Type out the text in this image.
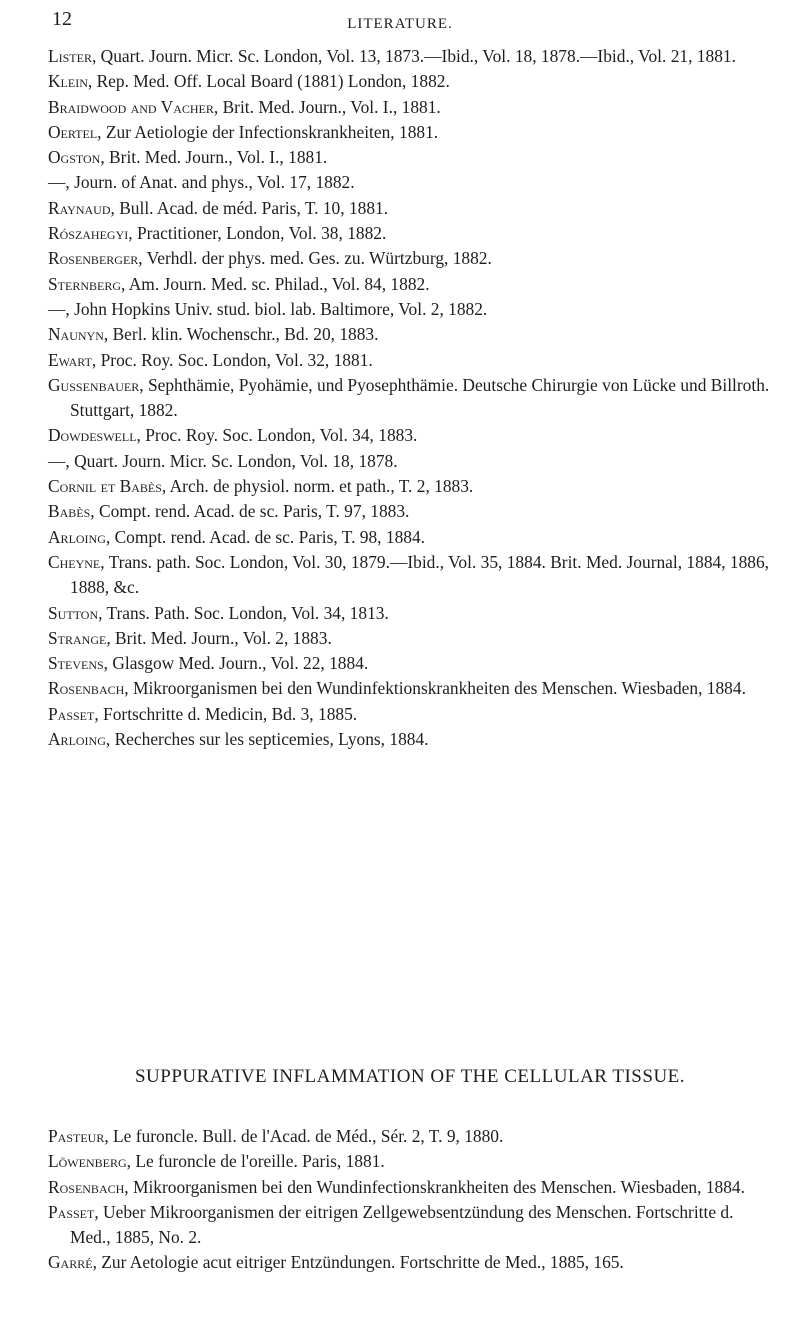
12	LITERATURE.

Lister, Quart. Journ. Micr. Sc. London, Vol. 13, 1873.—Ibid., Vol. 18, 1878.—Ibid., Vol. 21, 1881.

Klein, Rep. Med. Off. Local Board (1881) London, 1882.

Braidwood and Vacher, Brit. Med. Journ., Vol. I., 1881.

Oertel, Zur Aetiologie der Infectionskrankheiten, 1881.

Ogston, Brit. Med. Journ., Vol. I., 1881.

—, Journ. of Anat. and phys., Vol. 17, 1882.

Raynaud, Bull. Acad. de méd. Paris, T. 10, 1881.

Rószahegyi, Practitioner, London, Vol. 38, 1882.

Rosenberger, Verhdl. der phys. med. Ges. zu. Würtzburg, 1882.

Sternberg, Am. Journ. Med. sc. Philad., Vol. 84, 1882.

—, John Hopkins Univ. stud. biol. lab. Baltimore, Vol. 2, 1882.

Naunyn, Berl. klin. Wochenschr., Bd. 20, 1883.

Ewart, Proc. Roy. Soc. London, Vol. 32, 1881.

Gussenbauer, Sephthämie, Pyohämie, und Pyosephthämie. Deutsche Chirurgie von Lücke und Billroth. Stuttgart, 1882.

Dowdeswell, Proc. Roy. Soc. London, Vol. 34, 1883.

—, Quart. Journ. Micr. Sc. London, Vol. 18, 1878.

Cornil et Babès, Arch. de physiol. norm. et path., T. 2, 1883.

Babès, Compt. rend. Acad. de sc. Paris, T. 97, 1883.

Arloing, Compt. rend. Acad. de sc. Paris, T. 98, 1884.

Cheyne, Trans. path. Soc. London, Vol. 30, 1879.—Ibid., Vol. 35, 1884. Brit. Med. Journal, 1884, 1886, 1888, &c.

Sutton, Trans. Path. Soc. London, Vol. 34, 1813.

Strange, Brit. Med. Journ., Vol. 2, 1883.

Stevens, Glasgow Med. Journ., Vol. 22, 1884.

Rosenbach, Mikroorganismen bei den Wundinfektionskrankheiten des Menschen. Wiesbaden, 1884.

Passet, Fortschritte d. Medicin, Bd. 3, 1885.

Arloing, Recherches sur les septicemies, Lyons, 1884.

SUPPURATIVE INFLAMMATION OF THE CELLULAR TISSUE.

Pasteur, Le furoncle. Bull. de l'Acad. de Méd., Sér. 2, T. 9, 1880.

Löwenberg, Le furoncle de l'oreille. Paris, 1881.

Rosenbach, Mikroorganismen bei den Wundinfectionskrankheiten des Menschen. Wiesbaden, 1884.

Passet, Ueber Mikroorganismen der eitrigen Zellgewebsentzündung des Menschen. Fortschritte d. Med., 1885, No. 2.

Garré, Zur Aetologie acut eitriger Entzündungen. Fortschritte de Med., 1885, 165.
